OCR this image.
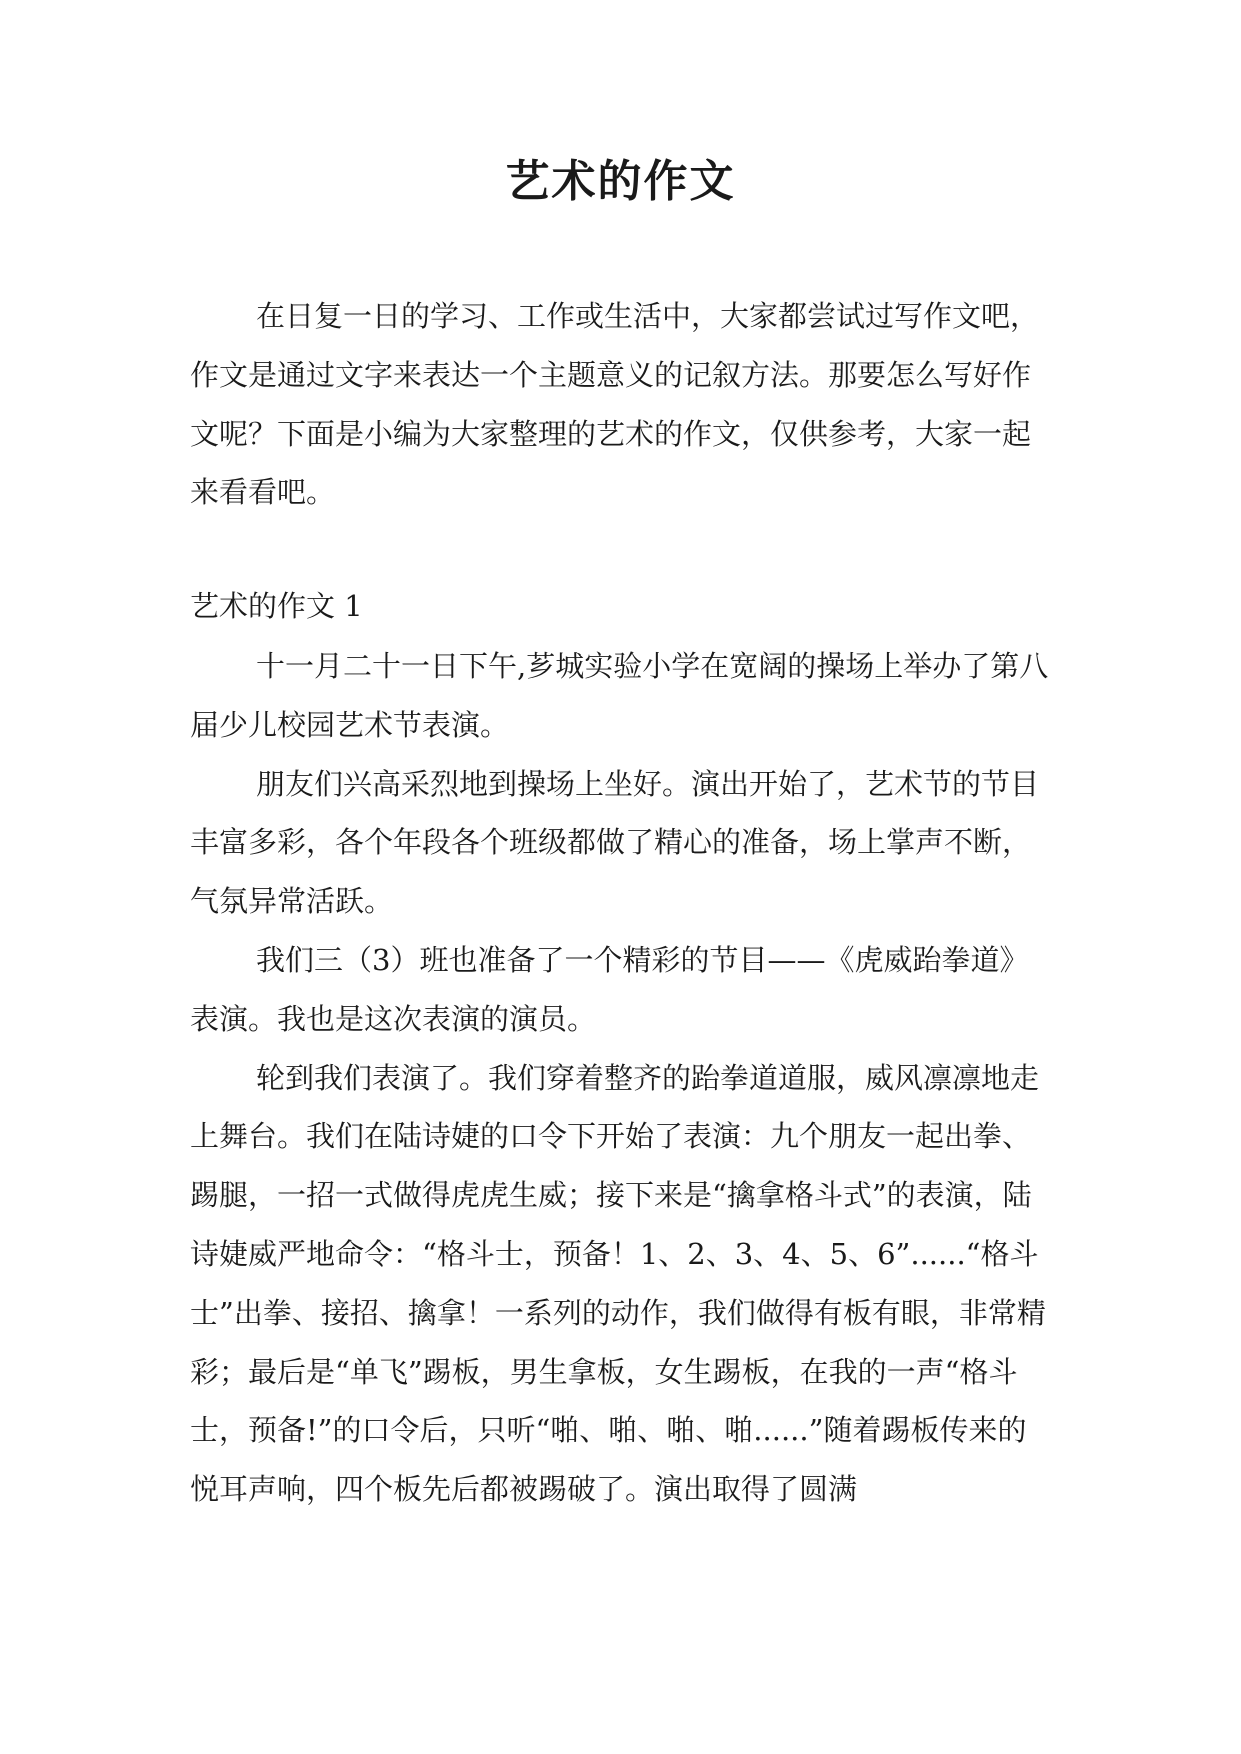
艺术的作文

在日复一日的学习、工作或生活中，大家都尝试过写作文吧，作文是通过文字来表达一个主题意义的记叙方法。那要怎么写好作文呢？下面是小编为大家整理的艺术的作文，仅供参考，大家一起来看看吧。

艺术的作文 1

十一月二十一日下午,芗城实验小学在宽阔的操场上举办了第八届少儿校园艺术节表演。

朋友们兴高采烈地到操场上坐好。演出开始了，艺术节的节目丰富多彩，各个年段各个班级都做了精心的准备，场上掌声不断，气氛异常活跃。

我们三（3）班也准备了一个精彩的节目——《虎威跆拳道》表演。我也是这次表演的演员。

轮到我们表演了。我们穿着整齐的跆拳道道服，威风凛凛地走上舞台。我们在陆诗婕的口令下开始了表演：九个朋友一起出拳、踢腿，一招一式做得虎虎生威；接下来是“擒拿格斗式”的表演，陆诗婕威严地命令：“格斗士，预备！1、2、3、4、5、6”......“格斗士”出拳、接招、擒拿！一系列的动作，我们做得有板有眼，非常精彩；最后是“单飞”踢板，男生拿板，女生踢板，在我的一声“格斗士，预备!”的口令后，只听“啪、啪、啪、啪......”随着踢板传来的悦耳声响，四个板先后都被踢破了。演出取得了圆满
